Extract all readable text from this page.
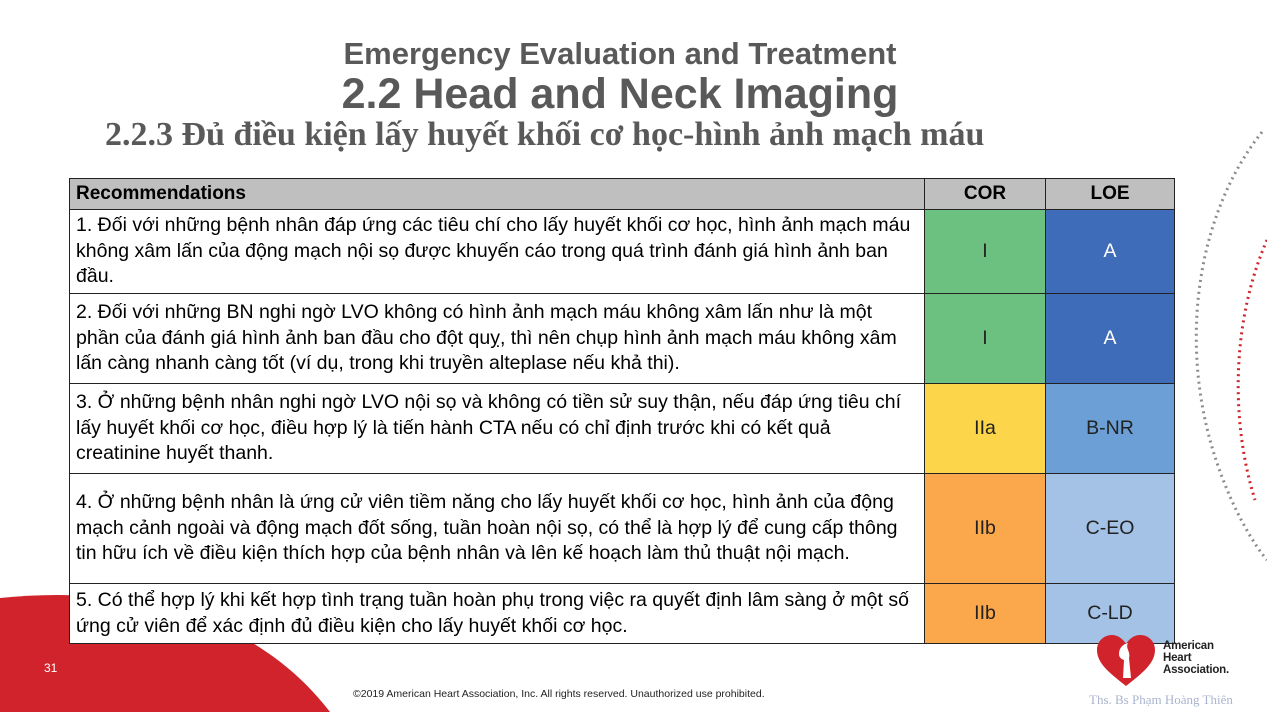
Emergency Evaluation and Treatment
2.2 Head and Neck Imaging
2.2.3 Đủ điều kiện lấy huyết khối cơ học-hình ảnh mạch máu
Recommendations	COR	LOE
1. Đối với những bệnh nhân đáp ứng các tiêu chí cho lấy huyết khối cơ học, hình ảnh mạch máu không xâm lấn của động mạch nội sọ được khuyến cáo trong quá trình đánh giá hình ảnh ban đầu.	I	A
2. Đối với những BN nghi ngờ LVO không có hình ảnh mạch máu không xâm lấn như là một phần của đánh giá hình ảnh ban đầu cho đột quỵ, thì nên chụp hình ảnh mạch máu không xâm lấn càng nhanh càng tốt (ví dụ, trong khi truyền alteplase nếu khả thi).	I	A
3. Ở những bệnh nhân nghi ngờ LVO nội sọ và không có tiền sử suy thận, nếu đáp ứng tiêu chí lấy huyết khối cơ học, điều hợp lý là tiến hành CTA nếu có chỉ định trước khi có kết quả creatinine huyết thanh.	IIa	B-NR
4. Ở những bệnh nhân là ứng cử viên tiềm năng cho lấy huyết khối cơ học, hình ảnh của động mạch cảnh ngoài và động mạch đốt sống, tuần hoàn nội sọ, có thể là hợp lý để cung cấp thông tin hữu ích về điều kiện thích hợp của bệnh nhân và lên kế hoạch làm thủ thuật nội mạch.	IIb	C-EO
5. Có thể hợp lý khi kết hợp tình trạng tuần hoàn phụ trong việc ra quyết định lâm sàng ở một số ứng cử viên để xác định đủ điều kiện cho lấy huyết khối cơ học.	IIb	C-LD
31
©2019 American Heart Association, Inc. All rights reserved. Unauthorized use prohibited.
American
Heart
Association.
Ths. Bs Phạm Hoàng Thiên
